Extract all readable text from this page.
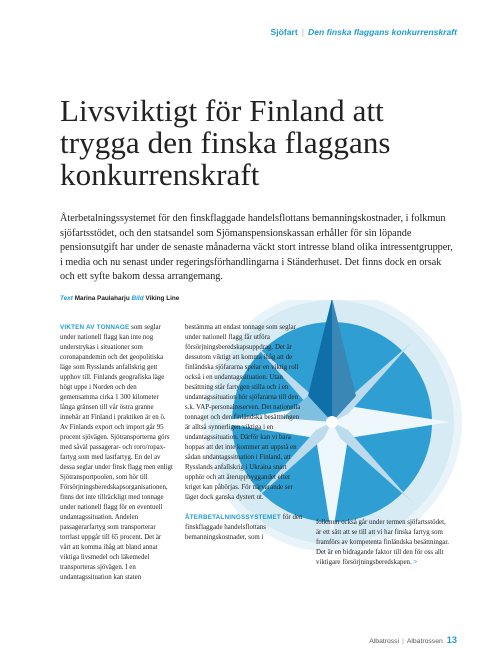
Sjöfart | Den finska flaggans konkurrenskraft
Livsviktigt för Finland att trygga den finska flaggans konkurrenskraft

Återbetalningssystemet för den finskflaggade handelsflottans bemanningskostnader, i folkmun sjöfartsstödet, och den statsandel som Sjömanspensionskassan erhåller för sin löpande pensionsutgift har under de senaste månaderna väckt stort intresse bland olika intressentgrupper, i media och nu senast under regeringsförhandlingarna i Ständerhuset. Det finns dock en orsak och ett syfte bakom dessa arrangemang.

Text Marina Paulaharju Bild Viking Line

VIKTEN AV TONNAGE som seglar under nationell flagg kan inte nog understrykas i situationer som coronapandemin och det geopolitiska läge som Rysslands anfallskrig gett upphov till. Finlands geografiska läge högt uppe i Norden och den gemensamma cirka 1 300 kilometer långa gränsen till vår östra granne innebär att Finland i praktiken är en ö. Av Finlands export och import går 95 procent sjövägen. Sjötransporterna görs med såväl passagerar- och roro/ropax-fartyg som med lastfartyg. En del av dessa seglar under finsk flagg men enligt Sjötransportpoolen, som hör till Försörjningsberedskapsorganisationen, finns det inte tillräckligt med tonnage under nationell flagg för en eventuell undantagssituation. Andelen passagerarfartyg som transporterar torrlast uppgår till 65 procent. Det är vårt att komma ihåg att bland annat viktiga livsmedel och läkemedel transporteras sjövägen. I en undantagssituation kan staten

bestämma att endast tonnage som seglar under nationell flagg får utföra försörjningsberedskapsuppdrag. Det är dessutom viktigt att komma ihåg att de finländska sjöfararna spelar en viktig roll också i en undantagssituation. Utan besättning står fartygen stilla och i en undantagssituation hör sjöfararna till den s.k. VAP-personalreserven. Det nationella tonnaget och den finländska besättningen är alltså synnerligen viktiga i en undantagssituation. Därför kan vi bara hoppas att det inte kommer att uppstå en sådan undantagssituation i Finland, att Rysslands anfallskrig i Ukraina snart upphör och att återuppbyggandet efter kriget kan påbörjas. För närvarande ser läget dock ganska dystert ut.

ÅTERBETALNINGSSYSTEMET för den finskflaggade handelsflottans bemanningskostnader, som i

folkmun också går under termen sjöfartsstödet, är ett sätt att se till att vi har finska fartyg som framförs av kompetenta finländska besättningar. Det är en bidragande faktor till den för oss allt viktigare försörjningsberedskapen. >

Albatrossi | Albatrossen 13
